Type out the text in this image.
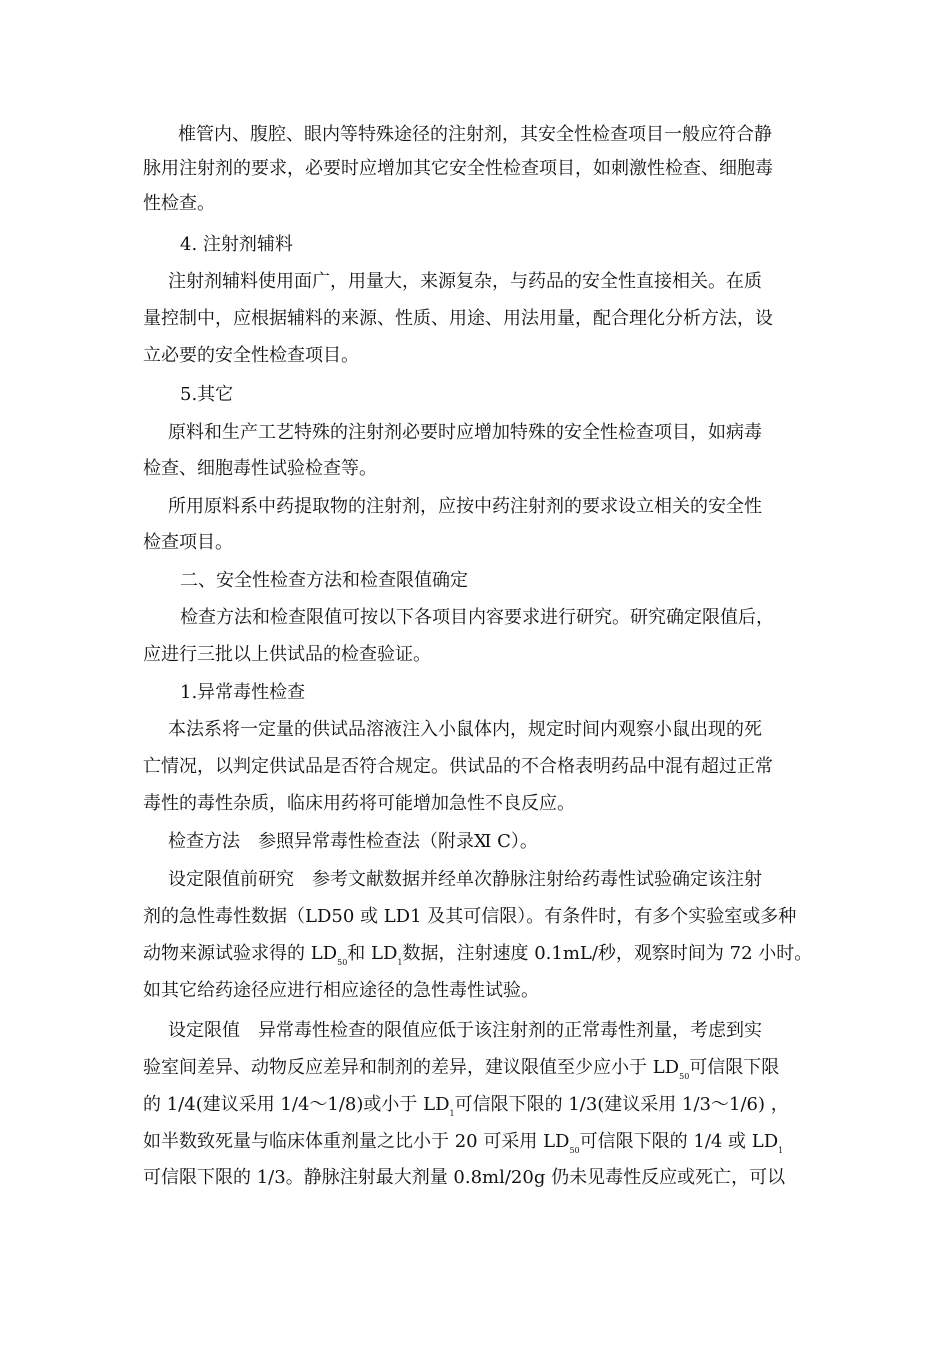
椎管内、腹腔、眼内等特殊途径的注射剂，其安全性检查项目一般应符合静

脉用注射剂的要求，必要时应增加其它安全性检查项目，如刺激性检查、细胞毒

性检查。

4. 注射剂辅料

注射剂辅料使用面广，用量大，来源复杂，与药品的安全性直接相关。在质

量控制中，应根据辅料的来源、性质、用途、用法用量，配合理化分析方法，设

立必要的安全性检查项目。

5.其它

原料和生产工艺特殊的注射剂必要时应增加特殊的安全性检查项目，如病毒

检查、细胞毒性试验检查等。

所用原料系中药提取物的注射剂，应按中药注射剂的要求设立相关的安全性

检查项目。

二、安全性检查方法和检查限值确定

检查方法和检查限值可按以下各项目内容要求进行研究。研究确定限值后，

应进行三批以上供试品的检查验证。

1.异常毒性检查

本法系将一定量的供试品溶液注入小鼠体内，规定时间内观察小鼠出现的死

亡情况，以判定供试品是否符合规定。供试品的不合格表明药品中混有超过正常

毒性的毒性杂质，临床用药将可能增加急性不良反应。

检查方法　参照异常毒性检查法（附录Ⅺ C）。

设定限值前研究　参考文献数据并经单次静脉注射给药毒性试验确定该注射

剂的急性毒性数据（LD50 或 LD1 及其可信限）。有条件时，有多个实验室或多种

动物来源试验求得的 $LD_{50}$和 $LD_1$数据，注射速度 0.1mL/秒，观察时间为 72 小时。

如其它给药途径应进行相应途径的急性毒性试验。

设定限值　异常毒性检查的限值应低于该注射剂的正常毒性剂量，考虑到实

验室间差异、动物反应差异和制剂的差异，建议限值至少应小于 $LD_{50}$可信限下限

的 1/4(建议采用 1/4～1/8)或小于 $LD_1$可信限下限的 1/3(建议采用 1/3～1/6) ，

如半数致死量与临床体重剂量之比小于 20 可采用 $LD_{50}$可信限下限的 1/4 或 $LD_1$

可信限下限的 1/3。静脉注射最大剂量 0.8ml/20g 仍未见毒性反应或死亡，可以
